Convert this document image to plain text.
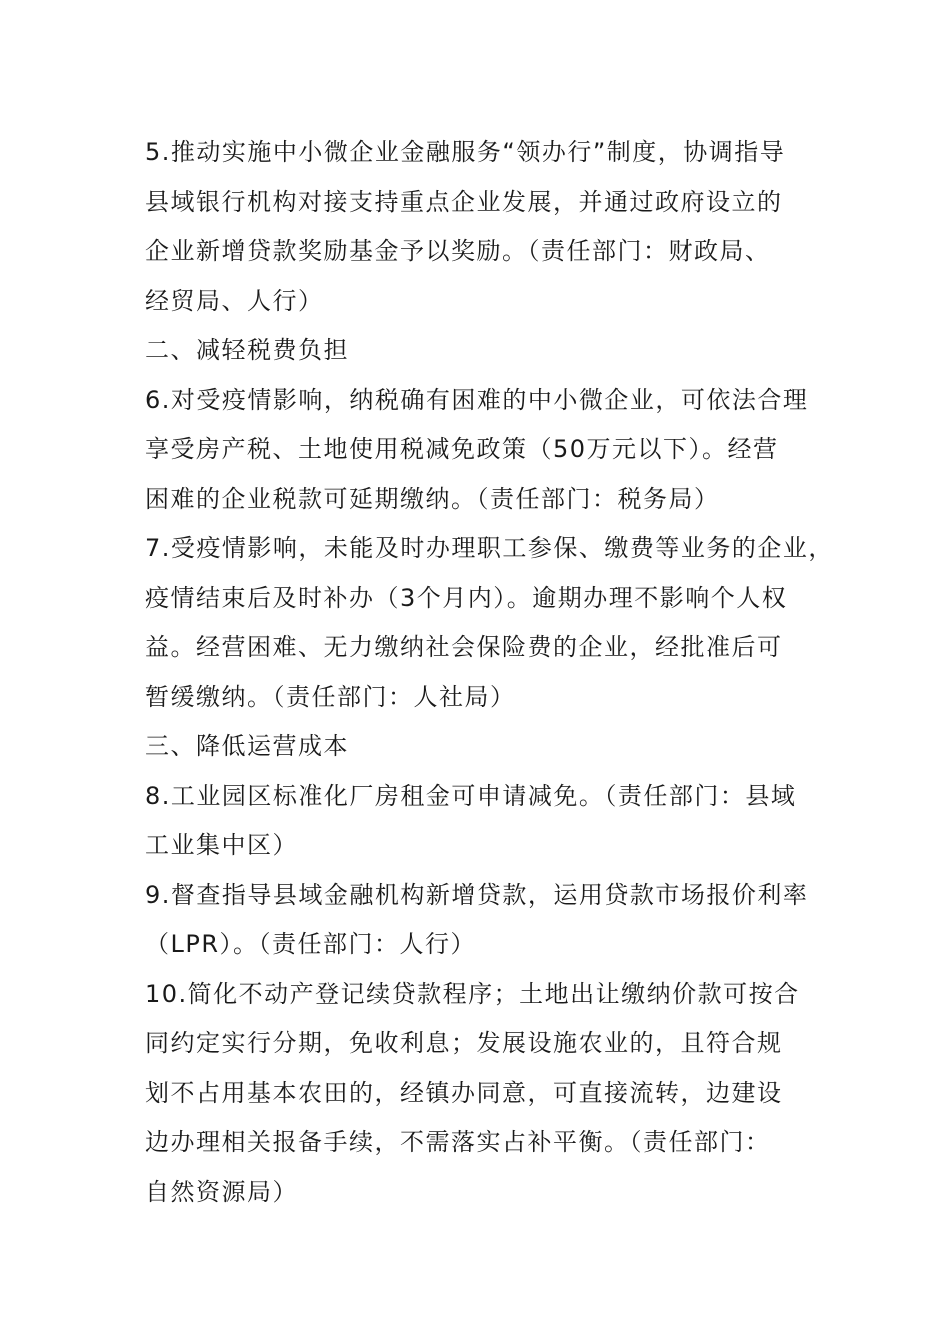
5.推动实施中小微企业金融服务“领办行”制度，协调指导
县域银行机构对接支持重点企业发展，并通过政府设立的
企业新增贷款奖励基金予以奖励。（责任部门：财政局、
经贸局、人行）
二、减轻税费负担
6.对受疫情影响，纳税确有困难的中小微企业，可依法合理
享受房产税、土地使用税减免政策（50万元以下）。经营
困难的企业税款可延期缴纳。（责任部门：税务局）
7.受疫情影响，未能及时办理职工参保、缴费等业务的企业，
疫情结束后及时补办（3个月内）。逾期办理不影响个人权
益。经营困难、无力缴纳社会保险费的企业，经批准后可
暂缓缴纳。（责任部门：人社局）
三、降低运营成本
8.工业园区标准化厂房租金可申请减免。（责任部门：县域
工业集中区）
9.督查指导县域金融机构新增贷款，运用贷款市场报价利率
（LPR）。（责任部门：人行）
10.简化不动产登记续贷款程序；土地出让缴纳价款可按合
同约定实行分期，免收利息；发展设施农业的，且符合规
划不占用基本农田的，经镇办同意，可直接流转，边建设
边办理相关报备手续，不需落实占补平衡。（责任部门：
自然资源局）
